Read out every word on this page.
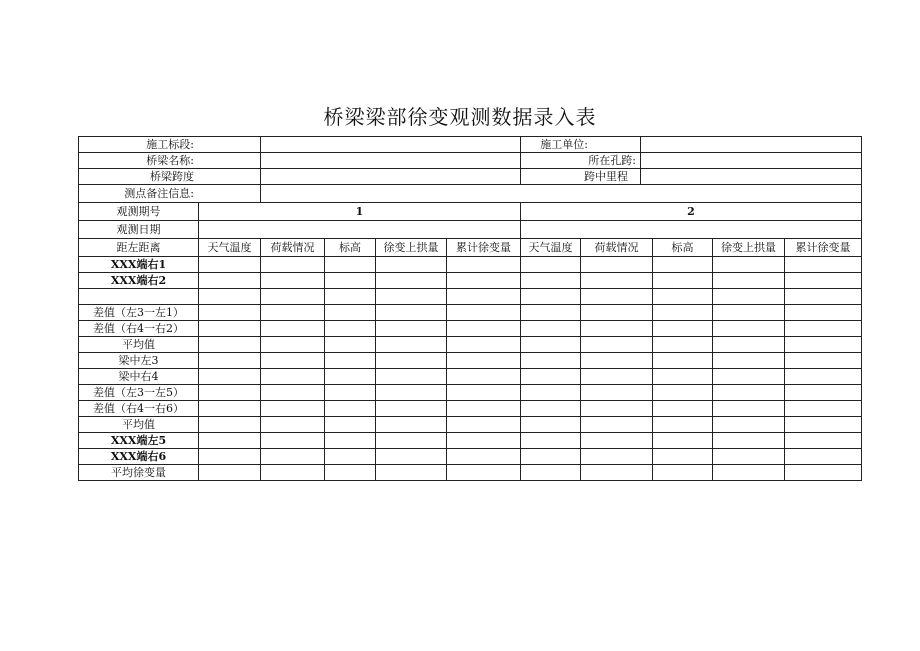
桥梁梁部徐变观测数据录入表
施工标段:						施工单位:					
桥梁名称:						所在孔跨:					
桥梁跨度						跨中里程					
测点备注信息:											
观测期号	1					2					
观测日期											
距左距离	天气温度	荷载情况	标高	徐变上拱量	累计徐变量	天气温度	荷载情况		标高	徐变上拱量	累计徐变量
XXX端右1											
XXX端右2											

差值（左3一左1）											
差值（右4一右2）											
平均值											
梁中左3											
梁中右4											
差值（左3一左5）											
差值（右4一右6）											
平均值											
XXX端左5											
XXX端右6											
平均徐变量											
